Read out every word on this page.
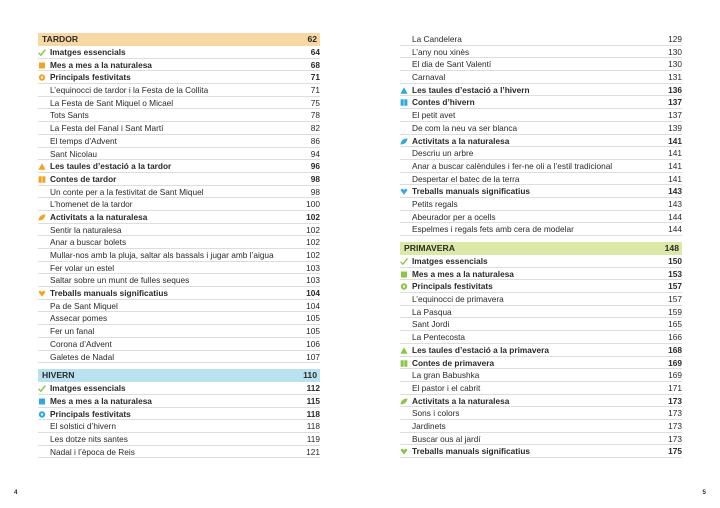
TARDOR	62
Imatges essencials	64
Mes a mes a la naturalesa	68
Principals festivitats	71
L’equinocci de tardor i la Festa de la Collita	71
La Festa de Sant Miquel o Micael	75
Tots Sants	78
La Festa del Fanal i Sant Martí	82
El temps d’Advent	86
Sant Nicolau	94
Les taules d’estació a la tardor	96
Contes de tardor	98
Un conte per a la festivitat de Sant Miquel	98
L’homenet de la tardor	100
Activitats a la naturalesa	102
Sentir la naturalesa	102
Anar a buscar bolets	102
Mullar-nos amb la pluja, saltar als bassals i jugar amb l’aigua	102
Fer volar un estel	103
Saltar sobre un munt de fulles seques	103
Treballs manuals significatius	104
Pa de Sant Miquel	104
Assecar pomes	105
Fer un fanal	105
Corona d’Advent	106
Galetes de Nadal	107
HIVERN	110
Imatges essencials	112
Mes a mes a la naturalesa	115
Principals festivitats	118
El solstici d’hivern	118
Les dotze nits santes	119
Nadal i l’època de Reis	121
4
La Candelera	129
L’any nou xinès	130
El dia de Sant Valentí	130
Carnaval	131
Les taules d’estació a l’hivern	136
Contes d’hivern	137
El petit avet	137
De com la neu va ser blanca	139
Activitats a la naturalesa	141
Descriu un arbre	141
Anar a buscar calèndules i fer-ne oli a l’estil tradicional	141
Despertar el batec de la terra	141
Treballs manuals significatius	143
Petits regals	143
Abeurador per a ocells	144
Espelmes i regals fets amb cera de modelar	144
PRIMAVERA	148
Imatges essencials	150
Mes a mes a la naturalesa	153
Principals festivitats	157
L’equinocci de primavera	157
La Pasqua	159
Sant Jordi	165
La Pentecosta	166
Les taules d’estació a la primavera	168
Contes de primavera	169
La gran Babushka	169
El pastor i el cabrit	171
Activitats a la naturalesa	173
Sons i colors	173
Jardinets	173
Buscar ous al jardí	173
Treballs manuals significatius	175
5
